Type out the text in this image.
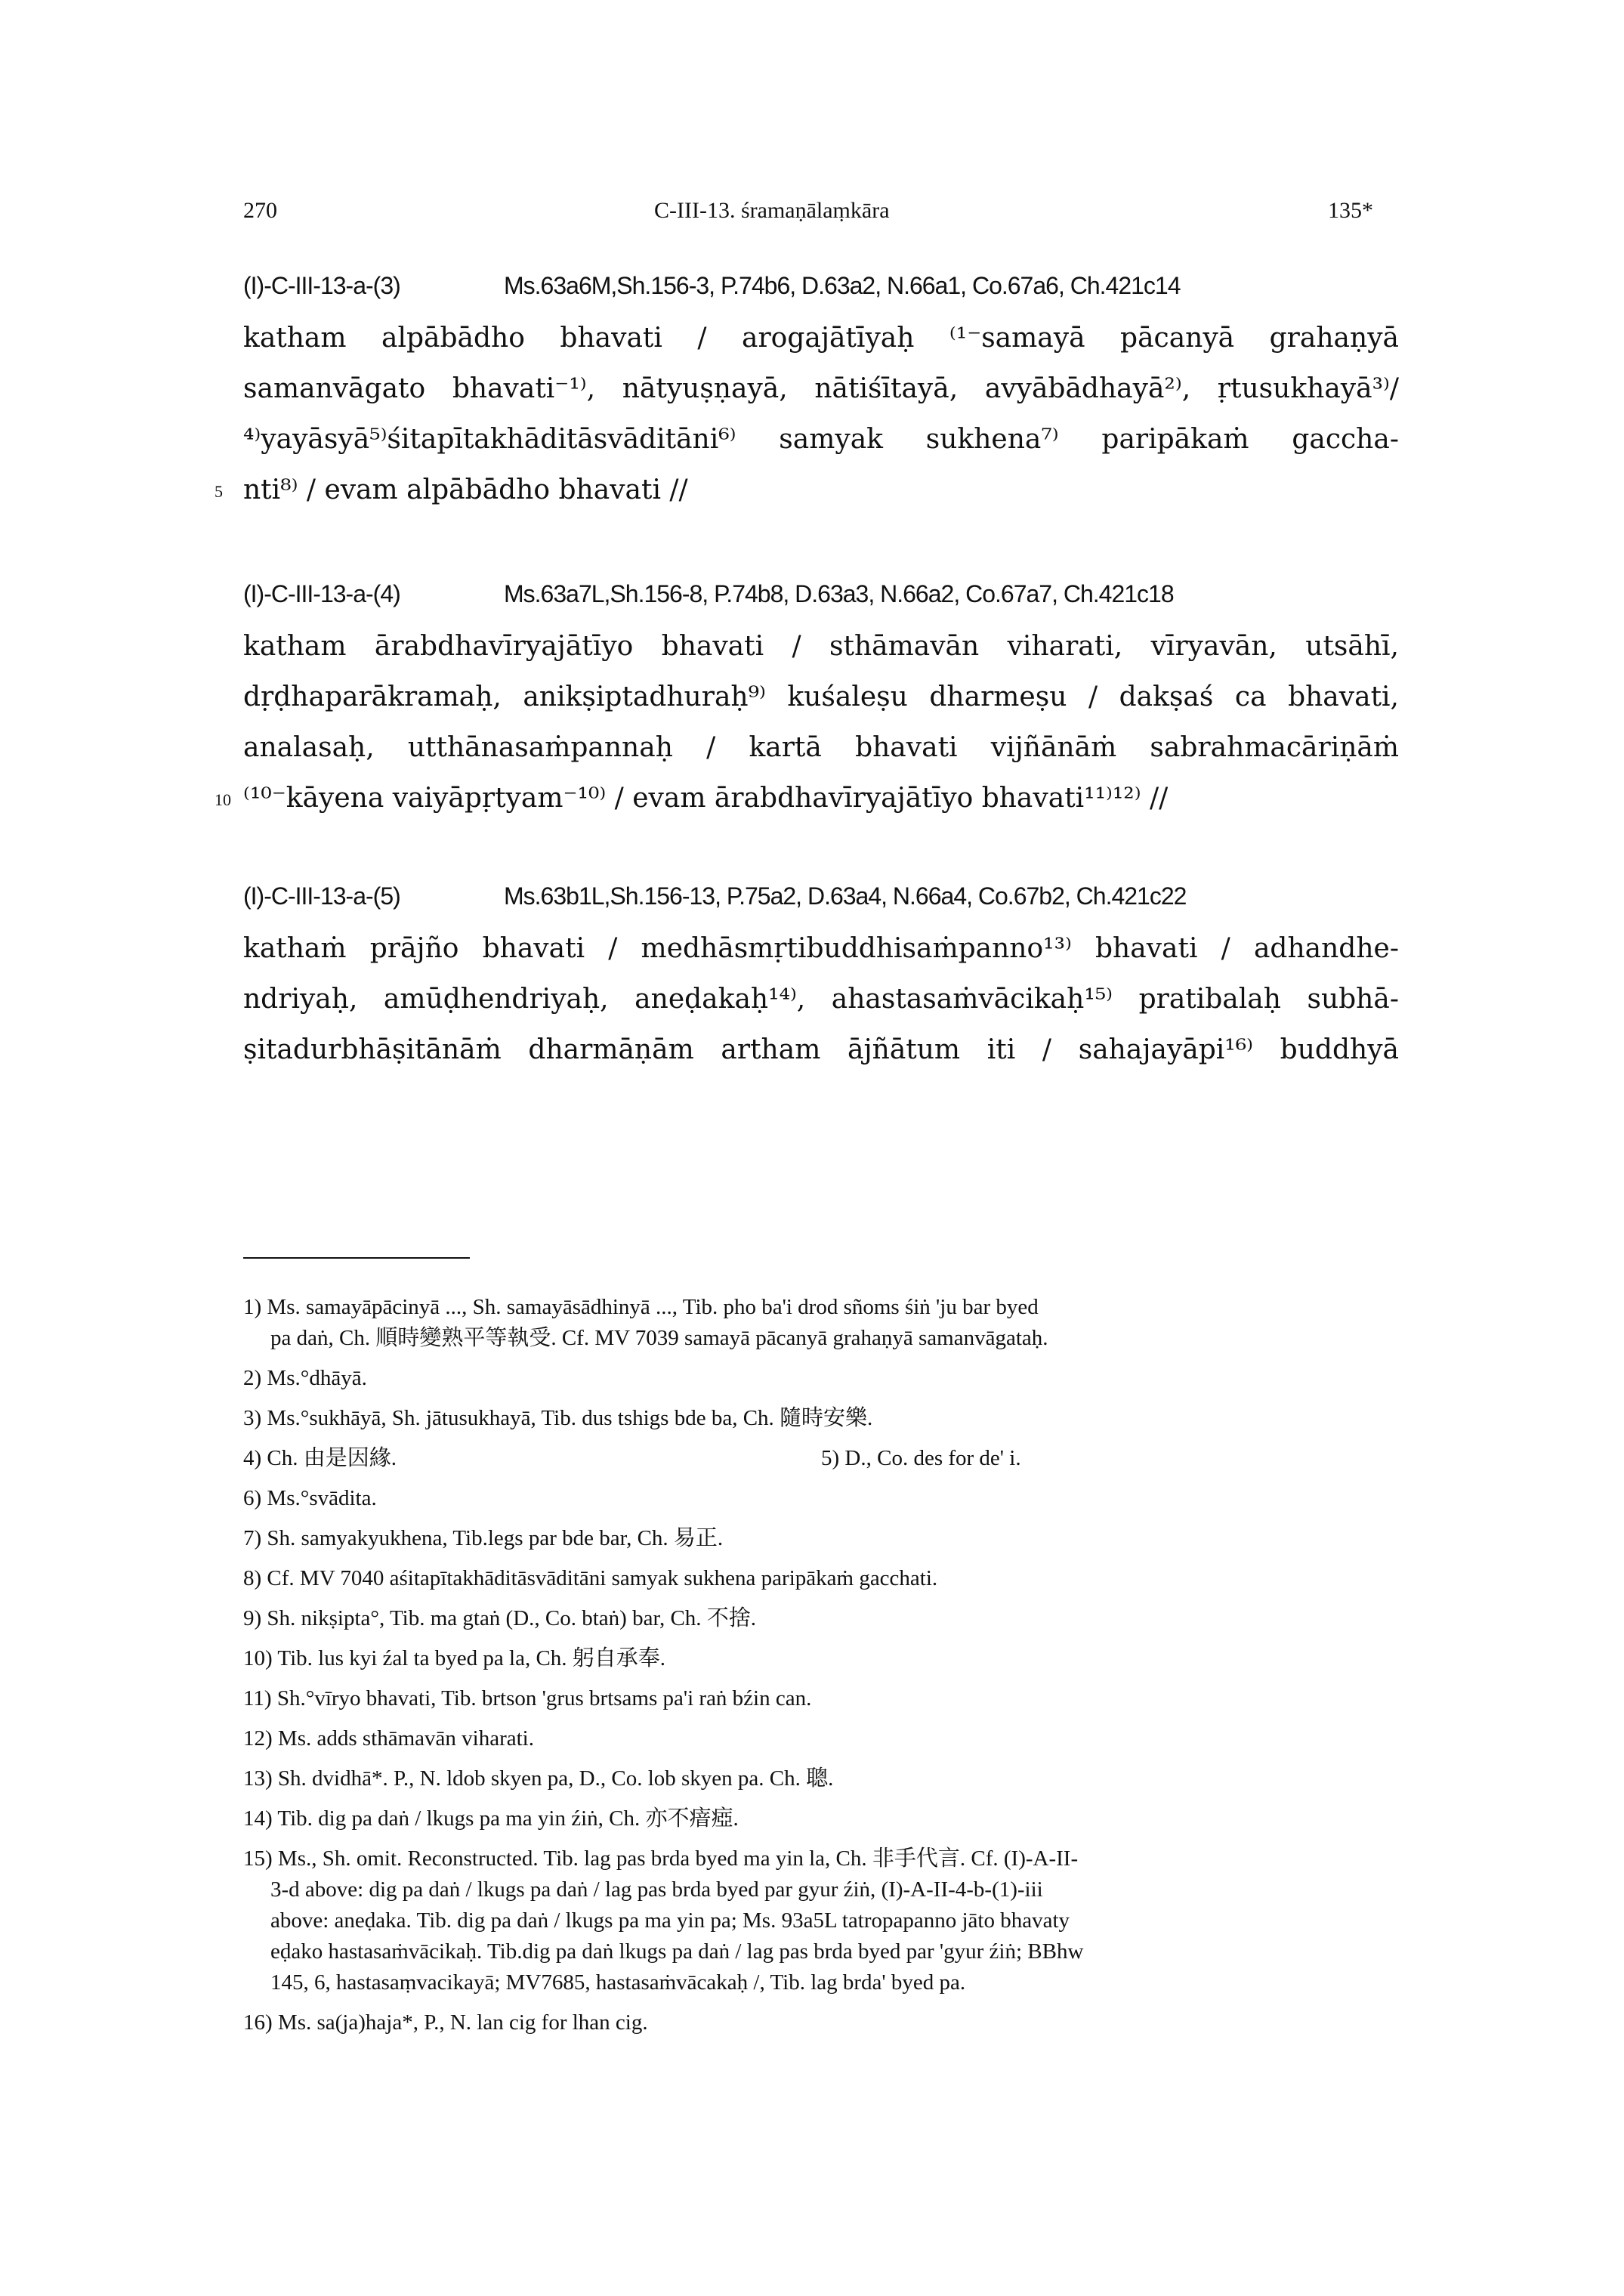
270	C-III-13. śramaṇālaṃkāra	135*
(I)-C-III-13-a-(3)	Ms.63a6M,Sh.156-3, P.74b6, D.63a2, N.66a1, Co.67a6, Ch.421c14
katham alpābādho bhavati / arogajātīyaḥ ⁽¹⁻samayā pācanyā grahaṇyā
samanvāgato bhavati⁻¹⁾, nātyuṣṇayā, nātiśītayā, avyābādhayā²⁾, ṛtusukhayā³⁾/
⁴⁾yayāsyā⁵⁾śitapītakhāditāsvāditāni⁶⁾ samyak sukhena⁷⁾ paripākaṁ gaccha-
5 nti⁸⁾ / evam alpābādho bhavati //
(I)-C-III-13-a-(4)	Ms.63a7L,Sh.156-8, P.74b8, D.63a3, N.66a2, Co.67a7, Ch.421c18
katham ārabdhavīryajātīyo bhavati / sthāmavān viharati, vīryavān, utsāhī,
dṛḍhaparākramaḥ, anikṣiptadhuraḥ⁹⁾ kuśaleṣu dharmeṣu / dakṣaś ca bhavati,
analasaḥ, utthānasaṁpannaḥ / kartā bhavati vijñānāṁ sabrahmacāriṇāṁ
10 ⁽¹⁰⁻kāyena vaiyāpṛtyam⁻¹⁰⁾ / evam ārabdhavīryajātīyo bhavati¹¹⁾¹²⁾ //
(I)-C-III-13-a-(5)	Ms.63b1L,Sh.156-13, P.75a2, D.63a4, N.66a4, Co.67b2, Ch.421c22
kathaṁ prājño bhavati / medhāsmṛtibuddhisaṁpanno¹³⁾ bhavati / adhandhe-
ndriyaḥ, amūḍhendriyaḥ, aneḍakaḥ¹⁴⁾, ahastasaṁvācikaḥ¹⁵⁾ pratibalaḥ subhā-
ṣitadurbhāṣitānāṁ dharmāṇām artham ājñātum iti / sahajayāpi¹⁶⁾ buddhyā
1) Ms. samayāpācinyā ..., Sh. samayāsādhinyā ..., Tib. pho ba'i drod sñoms śiṅ 'ju bar byed
pa daṅ, Ch. 順時變熟平等執受. Cf. MV 7039 samayā pācanyā grahaṇyā samanvāgataḥ.
2) Ms.°dhāyā.
3) Ms.°sukhāyā, Sh. jātusukhayā, Tib. dus tshigs bde ba, Ch. 隨時安樂.
4) Ch. 由是因緣.	5) D., Co. des for de' i.
6) Ms.°svādita.
7) Sh. samyakyukhena, Tib.legs par bde bar, Ch. 易正.
8) Cf. MV 7040 aśitapītakhāditāsvāditāni samyak sukhena paripākaṁ gacchati.
9) Sh. nikṣipta°, Tib. ma gtaṅ (D., Co. btaṅ) bar, Ch. 不捨.
10) Tib. lus kyi źal ta byed pa la, Ch. 躬自承奉.
11) Sh.°vīryo bhavati, Tib. brtson 'grus brtsams pa'i raṅ bźin can.
12) Ms. adds sthāmavān viharati.
13) Sh. dvidhā*. P., N. ldob skyen pa, D., Co. lob skyen pa. Ch. 聰.
14) Tib. dig pa daṅ / lkugs pa ma yin źiṅ, Ch. 亦不瘖瘂.
15) Ms., Sh. omit. Reconstructed. Tib. lag pas brda byed ma yin la, Ch. 非手代言. Cf. (I)-A-II-
3-d above: dig pa daṅ / lkugs pa daṅ / lag pas brda byed par gyur źiṅ, (I)-A-II-4-b-(1)-iii
above: aneḍaka. Tib. dig pa daṅ / lkugs pa ma yin pa; Ms. 93a5L tatropapanno jāto bhavaty
eḍako hastasaṁvācikaḥ. Tib.dig pa daṅ lkugs pa daṅ / lag pas brda byed par 'gyur źiṅ; BBhw
145, 6, hastasaṃvacikayā; MV7685, hastasaṁvācakaḥ /, Tib. lag brda' byed pa.
16) Ms. sa(ja)haja*, P., N. lan cig for lhan cig.
